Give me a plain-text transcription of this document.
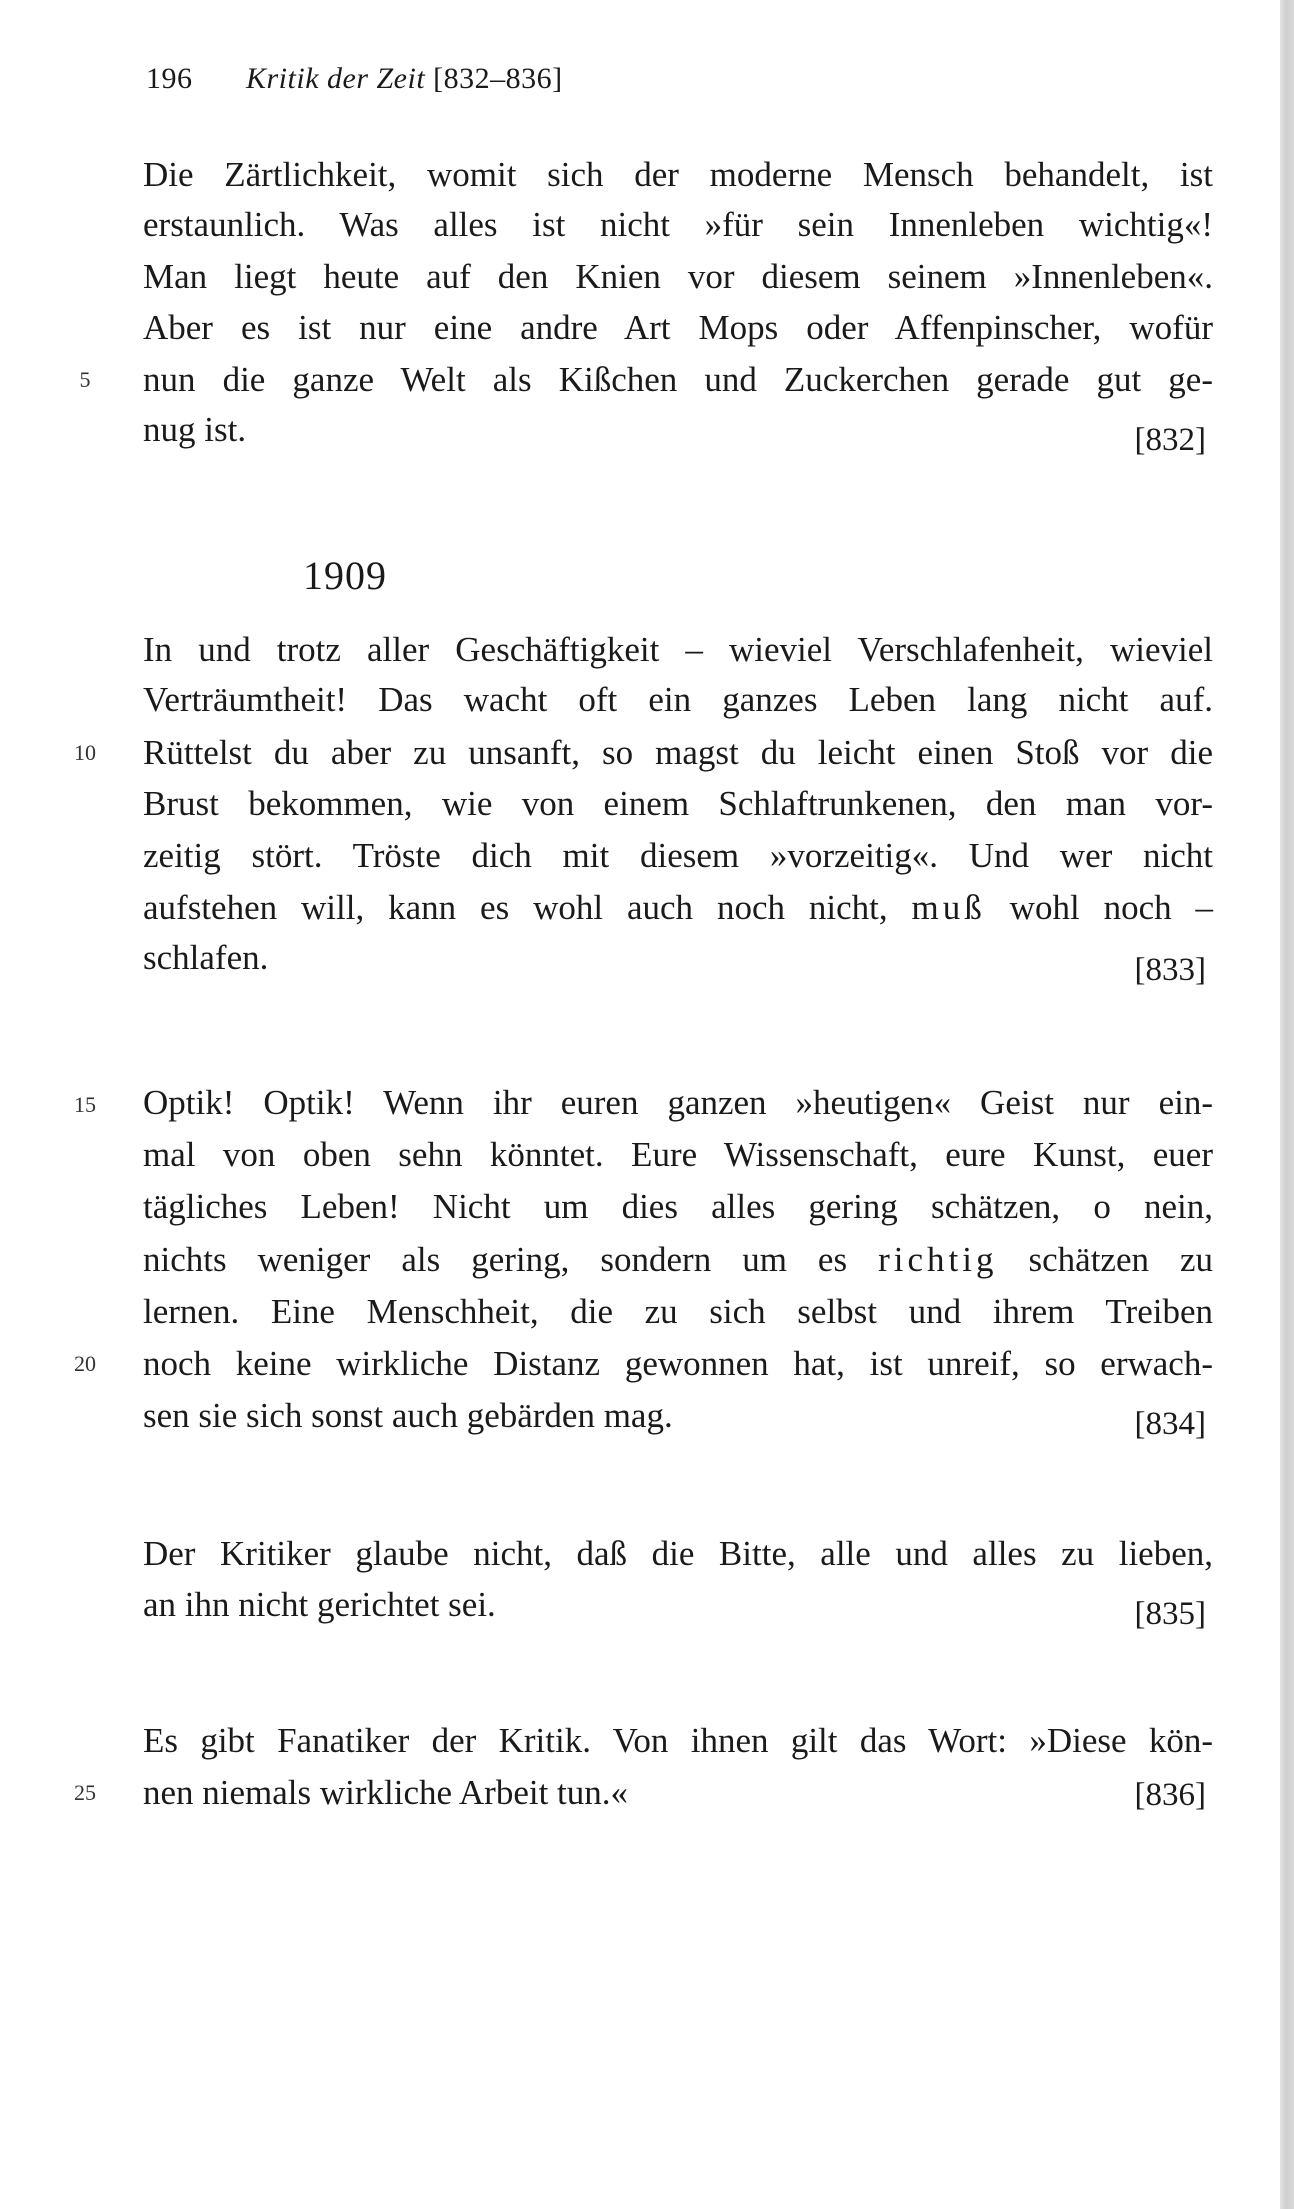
196 Kritik der Zeit [832–836]
Die Zärtlichkeit, womit sich der moderne Mensch behandelt, ist
erstaunlich. Was alles ist nicht »für sein Innenleben wichtig«!
Man liegt heute auf den Knien vor diesem seinem »Innenleben«.
Aber es ist nur eine andre Art Mops oder Affenpinscher, wofür
5	nun die ganze Welt als Kißchen und Zuckerchen gerade gut ge-
nug ist.	[832]
1909
In und trotz aller Geschäftigkeit – wieviel Verschlafenheit, wieviel
Verträumtheit! Das wacht oft ein ganzes Leben lang nicht auf.
10	Rüttelst du aber zu unsanft, so magst du leicht einen Stoß vor die
Brust bekommen, wie von einem Schlaftrunkenen, den man vor-
zeitig stört. Tröste dich mit diesem »vorzeitig«. Und wer nicht
aufstehen will, kann es wohl auch noch nicht, muß wohl noch –
schlafen.	[833]
15	Optik! Optik! Wenn ihr euren ganzen »heutigen« Geist nur ein-
mal von oben sehn könntet. Eure Wissenschaft, eure Kunst, euer
tägliches Leben! Nicht um dies alles gering schätzen, o nein,
nichts weniger als gering, sondern um es richtig schätzen zu
lernen. Eine Menschheit, die zu sich selbst und ihrem Treiben
20	noch keine wirkliche Distanz gewonnen hat, ist unreif, so erwach-
sen sie sich sonst auch gebärden mag.	[834]
Der Kritiker glaube nicht, daß die Bitte, alle und alles zu lieben,
an ihn nicht gerichtet sei.	[835]
Es gibt Fanatiker der Kritik. Von ihnen gilt das Wort: »Diese kön-
25	nen niemals wirkliche Arbeit tun.«	[836]
